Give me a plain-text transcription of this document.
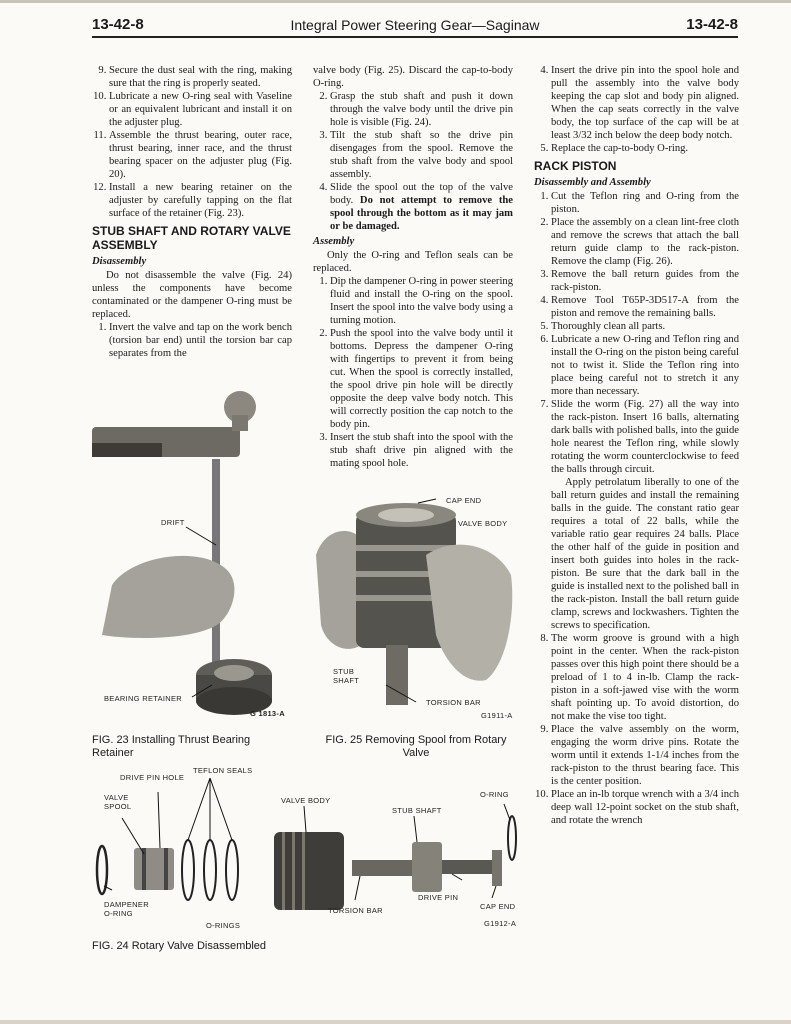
13-42-8	Integral Power Steering Gear—Saginaw	13-42-8
9. Secure the dust seal with the ring, making sure that the ring is properly seated.
10. Lubricate a new O-ring seal with Vaseline or an equivalent lubricant and install it on the adjuster plug.
11. Assemble the thrust bearing, outer race, thrust bearing, inner race, and the thrust bearing spacer on the adjuster plug (Fig. 20).
12. Install a new bearing retainer on the adjuster by carefully tapping on the flat surface of the retainer (Fig. 23).
STUB SHAFT AND ROTARY VALVE ASSEMBLY
Disassembly

Do not disassemble the valve (Fig. 24) unless the components have become contaminated or the dampener O-ring must be replaced.

1. Invert the valve and tap on the work bench (torsion bar end) until the torsion bar cap separates from the

valve body (Fig. 25). Discard the cap-to-body O-ring.

2. Grasp the stub shaft and push it down through the valve body until the drive pin hole is visible (Fig. 24).
3. Tilt the stub shaft so the drive pin disengages from the spool. Remove the stub shaft from the valve body and spool assembly.
4. Slide the spool out the top of the valve body. Do not attempt to remove the spool through the bottom as it may jam or be damaged.
Assembly

Only the O-ring and Teflon seals can be replaced.

1. Dip the dampener O-ring in power steering fluid and install the O-ring on the spool. Insert the spool into the valve body using a turning motion.
2. Push the spool into the valve body until it bottoms. Depress the dampener O-ring with fingertips to prevent it from being cut. When the spool is correctly installed, the spool drive pin hole will be directly opposite the deep valve body notch. This will correctly position the cap notch to the body pin.
3. Insert the stub shaft into the spool with the stub shaft drive pin aligned with the mating spool hole.
4. Insert the drive pin into the spool hole and pull the assembly into the valve body keeping the cap slot and body pin aligned. When the cap seats correctly in the valve body, the top surface of the cap will be at least 3/32 inch below the deep body notch.
5. Replace the cap-to-body O-ring.
RACK PISTON
Disassembly and Assembly
1. Cut the Teflon ring and O-ring from the piston.
2. Place the assembly on a clean lint-free cloth and remove the screws that attach the ball return guide clamp to the rack-piston. Remove the clamp (Fig. 26).
3. Remove the ball return guides from the rack-piston.
4. Remove Tool T65P-3D517-A from the piston and remove the remaining balls.
5. Thoroughly clean all parts.
6. Lubricate a new O-ring and Teflon ring and install the O-ring on the piston being careful not to twist it. Slide the Teflon ring into place being careful not to stretch it any more than necessary.
7. Slide the worm (Fig. 27) all the way into the rack-piston. Insert 16 balls, alternating dark balls with polished balls, into the guide hole nearest the Teflon ring, while slowly rotating the worm counterclockwise to feed the balls through circuit.

Apply petrolatum liberally to one of the ball return guides and install the remaining balls in the guide. The constant ratio gear requires a total of 22 balls, while the variable ratio gear requires 24 balls. Place the other half of the guide in position and insert both guides into holes in the rack-piston. Be sure that the dark ball in the guide is installed next to the polished ball in the rack-piston. Install the ball return guide clamp, screws and lockwashers. Tighten the screws to specification.

8. The worm groove is ground with a high point in the center. When the rack-piston passes over this high point there should be a preload of 1 to 4 in-lb. Clamp the rack-piston in a soft-jawed vise with the worm shaft pointing up. To avoid distortion, do not make the vise too tight.
9. Place the valve assembly on the worm, engaging the worm drive pins. Rotate the worm until it extends 1-1/4 inches from the rack-piston to the thrust bearing face. This is the center position.
10. Place an in-lb torque wrench with a 3/4 inch deep wall 12-point socket on the stub shaft, and rotate the wrench
DRIFT
BEARING RETAINER
G 1813-A
FIG. 23 Installing Thrust Bearing Retainer
CAP END
VALVE BODY
STUB SHAFT
TORSION BAR
G1911-A
FIG. 25 Removing Spool from Rotary Valve
TEFLON SEALS
DRIVE PIN HOLE
VALVE SPOOL
VALVE BODY
STUB SHAFT
O-RING
DAMPENER O-RING
O-RINGS
TORSION BAR
DRIVE PIN
CAP END
G1912-A
FIG. 24 Rotary Valve Disassembled
